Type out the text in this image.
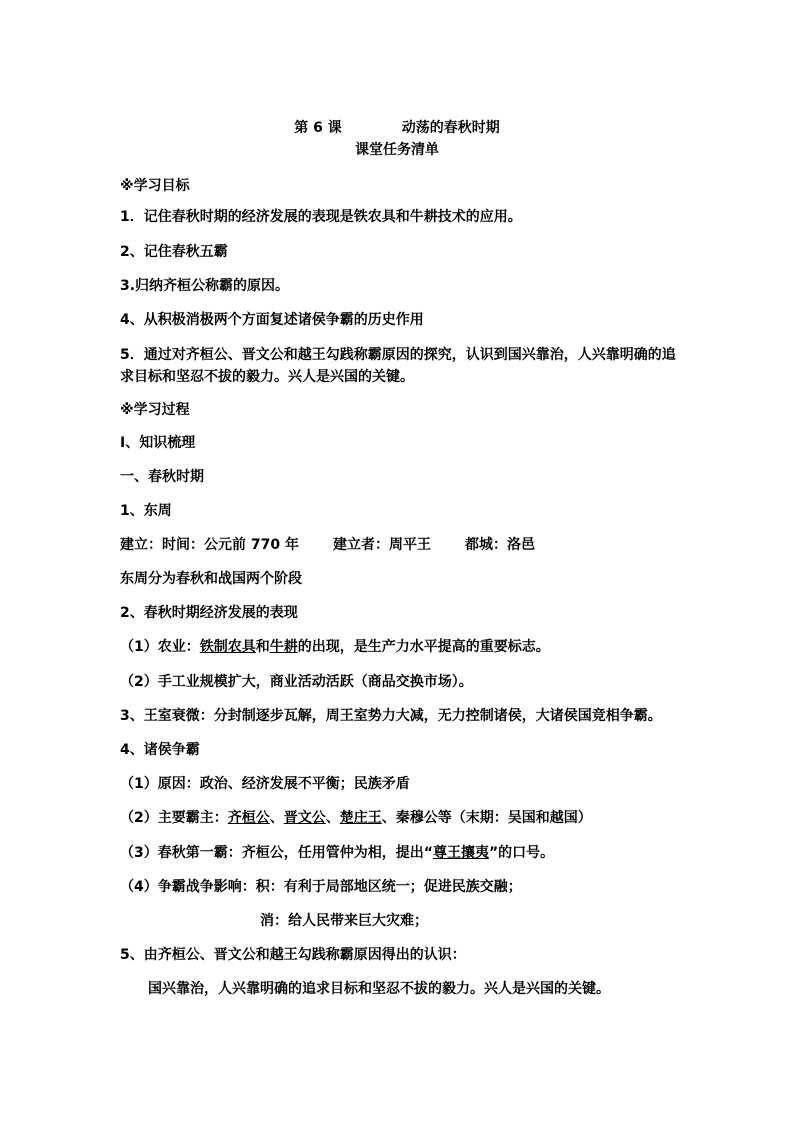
第 6 课	动荡的春秋时期
课堂任务清单
※学习目标
1．记住春秋时期的经济发展的表现是铁农具和牛耕技术的应用。
2、记住春秋五霸
3.归纳齐桓公称霸的原因。
4、从积极消极两个方面复述诸侯争霸的历史作用
5．通过对齐桓公、晋文公和越王勾践称霸原因的探究，认识到国兴靠治，人兴靠明确的追求目标和坚忍不拔的毅力。兴人是兴国的关键。
※学习过程
Ⅰ、知识梳理
一、春秋时期
1、东周
建立：时间：公元前 770 年 建立者：周平王 都城：洛邑
东周分为春秋和战国两个阶段
2、春秋时期经济发展的表现
（1）农业：铁制农具和牛耕的出现，是生产力水平提高的重要标志。
（2）手工业规模扩大，商业活动活跃（商品交换市场）。
3、王室衰微：分封制逐步瓦解，周王室势力大减，无力控制诸侯，大诸侯国竞相争霸。
4、诸侯争霸
（1）原因：政治、经济发展不平衡；民族矛盾
（2）主要霸主：齐桓公、晋文公、楚庄王、秦穆公等（末期：吴国和越国）
（3）春秋第一霸：齐桓公，任用管仲为相，提出“尊王攘夷”的口号。
（4）争霸战争影响：积：有利于局部地区统一；促进民族交融；
消：给人民带来巨大灾难；
5、由齐桓公、晋文公和越王勾践称霸原因得出的认识：
国兴靠治，人兴靠明确的追求目标和坚忍不拔的毅力。兴人是兴国的关键。
